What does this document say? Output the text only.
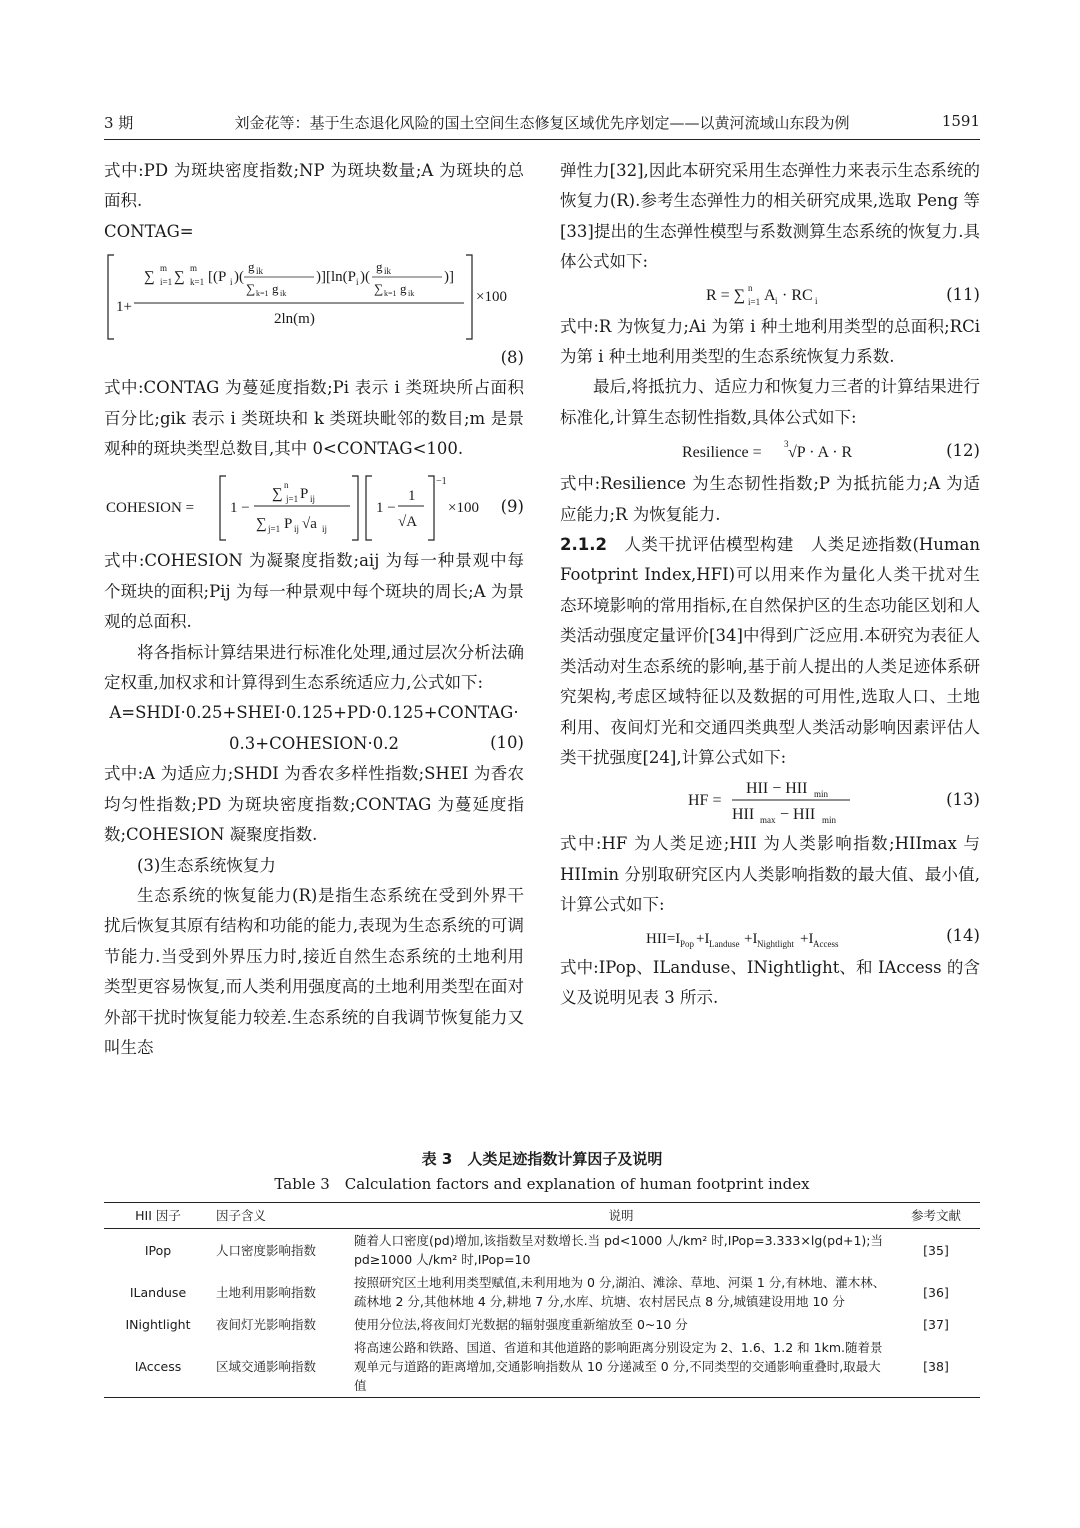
3 期	刘金花等：基于生态退化风险的国土空间生态修复区域优先序划定——以黄河流域山东段为例	1591

式中:PD 为斑块密度指数;NP 为斑块数量;A 为斑块的总面积.

CONTAG=

1+
∑ i=1
m
∑ k=1
m
[(P i )(
g ik
∑ k=1 g ik
)][ln(P i )(
g ik
∑ k=1 g ik
)]
2ln(m)
×100
(8)

式中:CONTAG 为蔓延度指数;Pi 表示 i 类斑块所占面积百分比;gik 表示 i 类斑块和 k 类斑块毗邻的数目;m 是景观种的斑块类型总数目,其中 0<CONTAG<100.

COHESION = 1 −
∑
n
j=1 P ij
∑ j=1 P ij √a ij
1 −
1
√A
−1
×100 (9)

式中:COHESION 为凝聚度指数;aij 为每一种景观中每个斑块的面积;Pij 为每一种景观中每个斑块的周长;A 为景观的总面积.

将各指标计算结果进行标准化处理,通过层次分析法确定权重,加权求和计算得到生态系统适应力,公式如下:

A=SHDI·0.25+SHEI·0.125+PD·0.125+CONTAG·

0.3+COHESION·0.2	(10)

式中:A 为适应力;SHDI 为香农多样性指数;SHEI 为香农均匀性指数;PD 为斑块密度指数;CONTAG 为蔓延度指数;COHESION 凝聚度指数.

(3)生态系统恢复力

生态系统的恢复能力(R)是指生态系统在受到外界干扰后恢复其原有结构和功能的能力,表现为生态系统的可调节能力.当受到外界压力时,接近自然生态系统的土地利用类型更容易恢复,而人类利用强度高的土地利用类型在面对外部干扰时恢复能力较差.生态系统的自我调节恢复能力又叫生态

弹性力[32],因此本研究采用生态弹性力来表示生态系统的恢复力(R).参考生态弹性力的相关研究成果,选取 Peng 等[33]提出的生态弹性模型与系数测算生态系统的恢复力.具体公式如下:

R = ∑ n
i=1 A i · RC i	(11)

式中:R 为恢复力;Ai 为第 i 种土地利用类型的总面积;RCi 为第 i 种土地利用类型的生态系统恢复力系数.

最后,将抵抗力、适应力和恢复力三者的计算结果进行标准化,计算生态韧性指数,具体公式如下:

Resilience = 3 √P · A · R	(12)

式中:Resilience 为生态韧性指数;P 为抵抗能力;A 为适应能力;R 为恢复能力.

2.1.2　 人类干扰评估模型构建　 人类足迹指数(Human Footprint Index,HFI)可以用来作为量化人类干扰对生态环境影响的常用指标,在自然保护区的生态功能区划和人类活动强度定量评价[34]中得到广泛应用.本研究为表征人类活动对生态系统的影响,基于前人提出的人类足迹体系研究架构,考虑区域特征以及数据的可用性,选取人口、土地利用、夜间灯光和交通四类典型人类活动影响因素评估人类干扰强度[24],计算公式如下:

HF =
HII − HII min
HII max − HII min
(13)

式中:HF 为人类足迹;HII 为人类影响指数;HIImax 与 HIImin 分别取研究区内人类影响指数的最大值、最小值,计算公式如下:

HII=I Pop +I Landuse +I Nightlight +I Access	(14)

式中:IPop、ILanduse、INightlight、和 IAccess 的含义及说明见表 3 所示.

表 3　人类足迹指数计算因子及说明
Table 3　Calculation factors and explanation of human footprint index
HII 因子	因子含义	说明	参考文献
IPop	人口密度影响指数	随着人口密度(pd)增加,该指数呈对数增长.当 pd<1000 人/km² 时,IPop=3.333×lg(pd+1);当 pd≥1000 人/km² 时,IPop=10	[35]
ILanduse	土地利用影响指数	按照研究区土地利用类型赋值,未利用地为 0 分,湖泊、滩涂、草地、河渠 1 分,有林地、灌木林、疏林地 2 分,其他林地 4 分,耕地 7 分,水库、坑塘、农村居民点 8 分,城镇建设用地 10 分	[36]
INightlight	夜间灯光影响指数	使用分位法,将夜间灯光数据的辐射强度重新缩放至 0~10 分	[37]
IAccess	区域交通影响指数	将高速公路和铁路、国道、省道和其他道路的影响距离分别设定为 2、1.6、1.2 和 1km.随着景观单元与道路的距离增加,交通影响指数从 10 分递减至 0 分,不同类型的交通影响重叠时,取最大值	[38]
